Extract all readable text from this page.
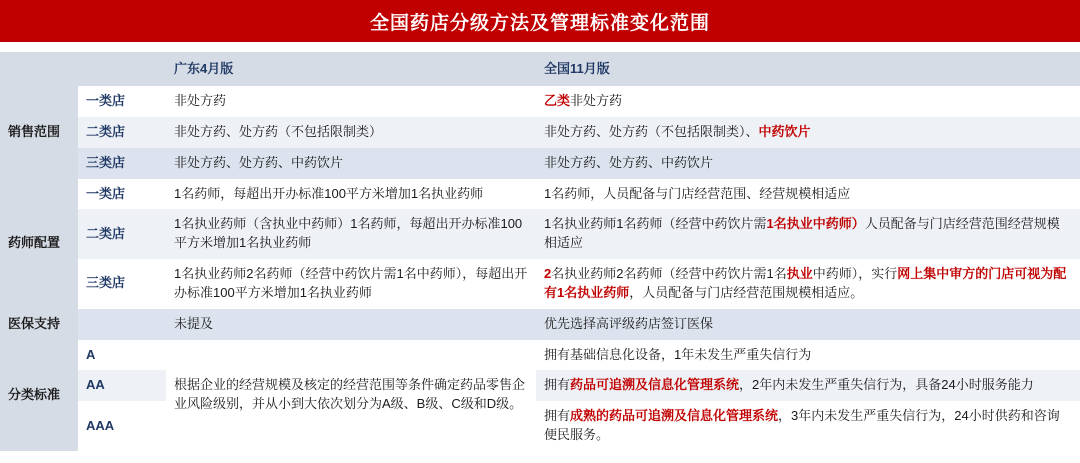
全国药店分级方法及管理标准变化范围
		广东4月版	全国11月版
销售范围	一类店	非处方药	乙类非处方药
	二类店	非处方药、处方药（不包括限制类）	非处方药、处方药（不包括限制类）、中药饮片
	三类店	非处方药、处方药、中药饮片	非处方药、处方药、中药饮片
药师配置	一类店	1名药师，每超出开办标准100平方米增加1名执业药师	1名药师，人员配备与门店经营范围、经营规模相适应
	二类店	1名执业药师（含执业中药师）1名药师，每超出开办标准100平方米增加1名执业药师	1名执业药师1名药师（经营中药饮片需1名执业中药师）人员配备与门店经营范围经营规模相适应
	三类店	1名执业药师2名药师（经营中药饮片需1名中药师），每超出开办标准100平方米增加1名执业药师	2名执业药师2名药师（经营中药饮片需1名执业中药师），实行网上集中审方的门店可视为配有1名执业药师，人员配备与门店经营范围规模相适应。
医保支持		未提及	优先选择高评级药店签订医保
分类标准	A	根据企业的经营规模及核定的经营范围等条件确定药品零售企业风险级别，并从小到大依次划分为A级、B级、C级和D级。	拥有基础信息化设备，1年未发生严重失信行为
	AA		拥有药品可追溯及信息化管理系统，2年内未发生严重失信行为，具备24小时服务能力
	AAA		拥有成熟的药品可追溯及信息化管理系统，3年内未发生严重失信行为，24小时供药和咨询便民服务。
